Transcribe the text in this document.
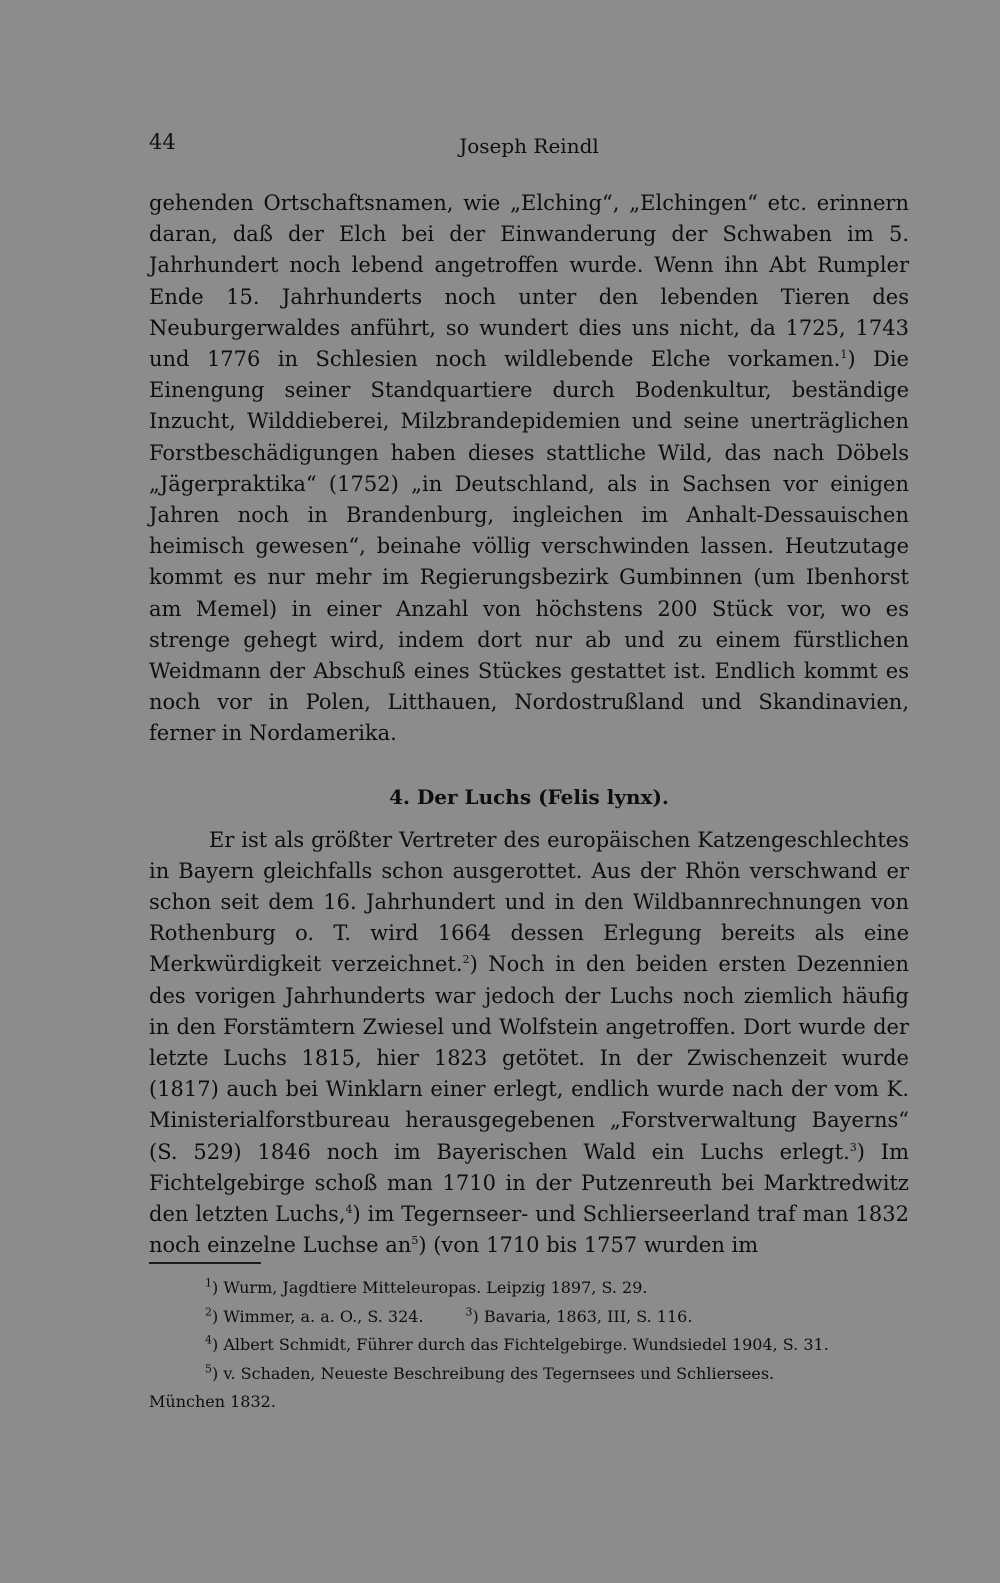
44	Joseph Reindl

gehenden Ortschaftsnamen, wie „Elching“, „Elchingen“ etc. erinnern daran, daß der Elch bei der Einwanderung der Schwaben im 5. Jahrhundert noch lebend angetroffen wurde. Wenn ihn Abt Rumpler Ende 15. Jahrhunderts noch unter den lebenden Tieren des Neuburgerwaldes anführt, so wundert dies uns nicht, da 1725, 1743 und 1776 in Schlesien noch wildlebende Elche vorkamen.$^1$) Die Einengung seiner Standquartiere durch Bodenkultur, beständige Inzucht, Wilddieberei, Milzbrandepidemien und seine unerträglichen Forstbeschädigungen haben dieses stattliche Wild, das nach Döbels „Jägerpraktika“ (1752) „in Deutschland, als in Sachsen vor einigen Jahren noch in Brandenburg, ingleichen im Anhalt-Dessauischen heimisch gewesen“, beinahe völlig verschwinden lassen. Heutzutage kommt es nur mehr im Regierungsbezirk Gumbinnen (um Ibenhorst am Memel) in einer Anzahl von höchstens 200 Stück vor, wo es strenge gehegt wird, indem dort nur ab und zu einem fürstlichen Weidmann der Abschuß eines Stückes gestattet ist. Endlich kommt es noch vor in Polen, Litthauen, Nordostrußland und Skandinavien, ferner in Nordamerika.

4. Der Luchs (Felis lynx).

Er ist als größter Vertreter des europäischen Katzengeschlechtes in Bayern gleichfalls schon ausgerottet. Aus der Rhön verschwand er schon seit dem 16. Jahrhundert und in den Wildbannrechnungen von Rothenburg o. T. wird 1664 dessen Erlegung bereits als eine Merkwürdigkeit verzeichnet.$^2$) Noch in den beiden ersten Dezennien des vorigen Jahrhunderts war jedoch der Luchs noch ziemlich häufig in den Forstämtern Zwiesel und Wolfstein angetroffen. Dort wurde der letzte Luchs 1815, hier 1823 getötet. In der Zwischenzeit wurde (1817) auch bei Winklarn einer erlegt, endlich wurde nach der vom K. Ministerialforstbureau herausgegebenen „Forstverwaltung Bayerns“ (S. 529) 1846 noch im Bayerischen Wald ein Luchs erlegt.$^3$) Im Fichtelgebirge schoß man 1710 in der Putzenreuth bei Marktredwitz den letzten Luchs,$^4$) im Tegernseer- und Schlierseerland traf man 1832 noch einzelne Luchse $an^5$) (von 1710 bis 1757 wurden im

$^1$) Wurm, Jagdtiere Mitteleuropas. Leipzig 1897, S. 29.

$^2$) Wimmer, a. a. O., S. 324.	$^3$) Bavaria, 1863, III, S. 116.

$^4$) Albert Schmidt, Führer durch das Fichtelgebirge. Wundsiedel 1904, S. 31.

$^5$) v. Schaden, Neueste Beschreibung des Tegernsees und Schliersees.
München 1832.
